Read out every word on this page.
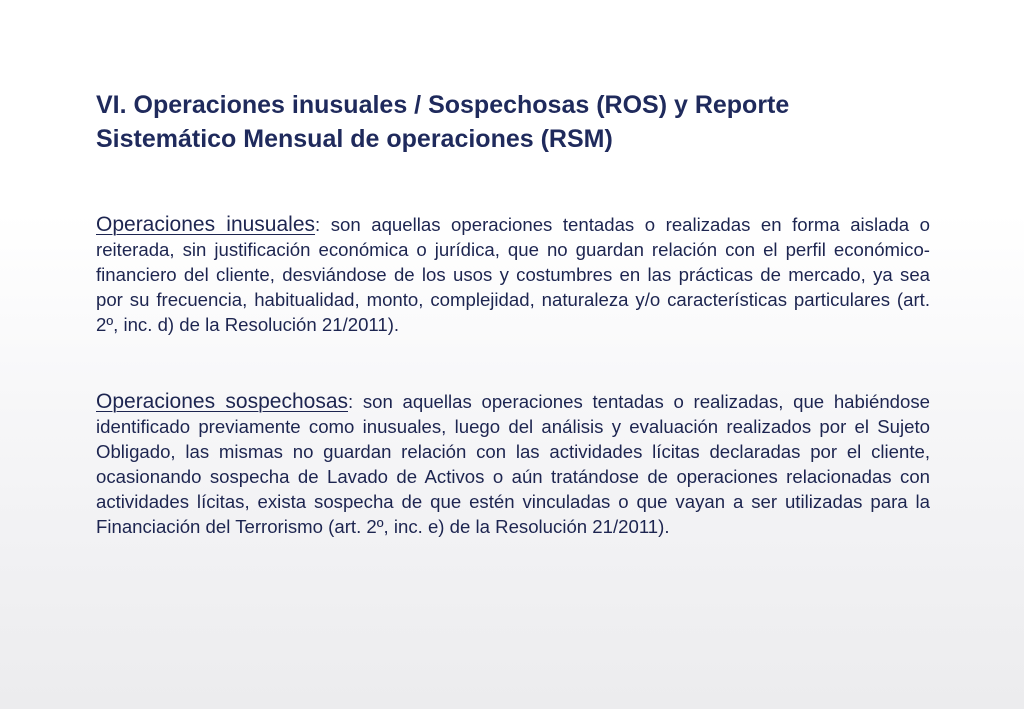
VI. Operaciones inusuales / Sospechosas (ROS) y Reporte Sistemático Mensual de operaciones (RSM)

Operaciones inusuales: son aquellas operaciones tentadas o realizadas en forma aislada o reiterada, sin justificación económica o jurídica, que no guardan relación con el perfil económico-financiero del cliente, desviándose de los usos y costumbres en las prácticas de mercado, ya sea por su frecuencia, habitualidad, monto, complejidad, naturaleza y/o características particulares (art. 2º, inc. d) de la Resolución 21/2011).

Operaciones sospechosas: son aquellas operaciones tentadas o realizadas, que habiéndose identificado previamente como inusuales, luego del análisis y evaluación realizados por el Sujeto Obligado, las mismas no guardan relación con las actividades lícitas declaradas por el cliente, ocasionando sospecha de Lavado de Activos o aún tratándose de operaciones relacionadas con actividades lícitas, exista sospecha de que estén vinculadas o que vayan a ser utilizadas para la Financiación del Terrorismo (art. 2º, inc. e) de la Resolución 21/2011).
